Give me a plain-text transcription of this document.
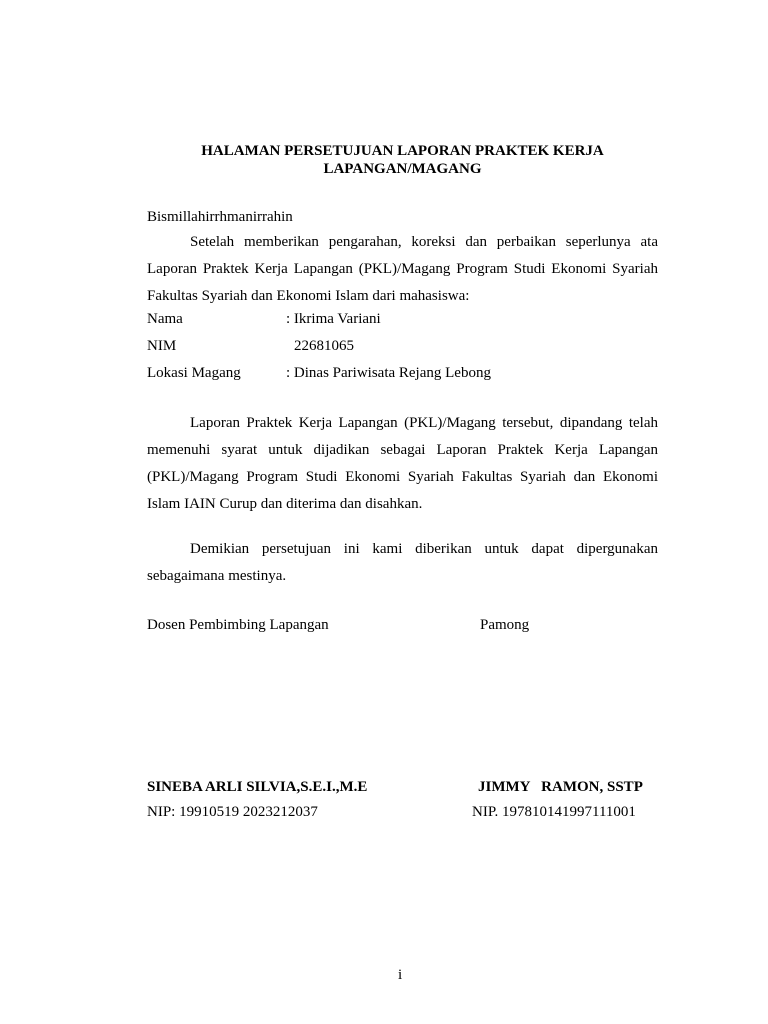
HALAMAN PERSETUJUAN LAPORAN PRAKTEK KERJA
LAPANGAN/MAGANG
Bismillahirrhmanirrahin
Setelah memberikan pengarahan, koreksi dan perbaikan seperlunya ata Laporan Praktek Kerja Lapangan (PKL)/Magang Program Studi Ekonomi Syariah Fakultas Syariah dan Ekonomi Islam dari mahasiswa:
Nama	: Ikrima Variani
NIM	22681065
Lokasi Magang	: Dinas Pariwisata Rejang Lebong
Laporan Praktek Kerja Lapangan (PKL)/Magang tersebut, dipandang telah memenuhi syarat untuk dijadikan sebagai Laporan Praktek Kerja Lapangan (PKL)/Magang Program Studi Ekonomi Syariah Fakultas Syariah dan Ekonomi Islam IAIN Curup dan diterima dan disahkan.
Demikian persetujuan ini kami diberikan untuk dapat dipergunakan sebagaimana mestinya.
Dosen Pembimbing Lapangan	Pamong
SINEBA ARLI SILVIA,S.E.I.,M.E	JIMMY   RAMON, SSTP
NIP: 19910519 2023212037	NIP. 197810141997111001
i
